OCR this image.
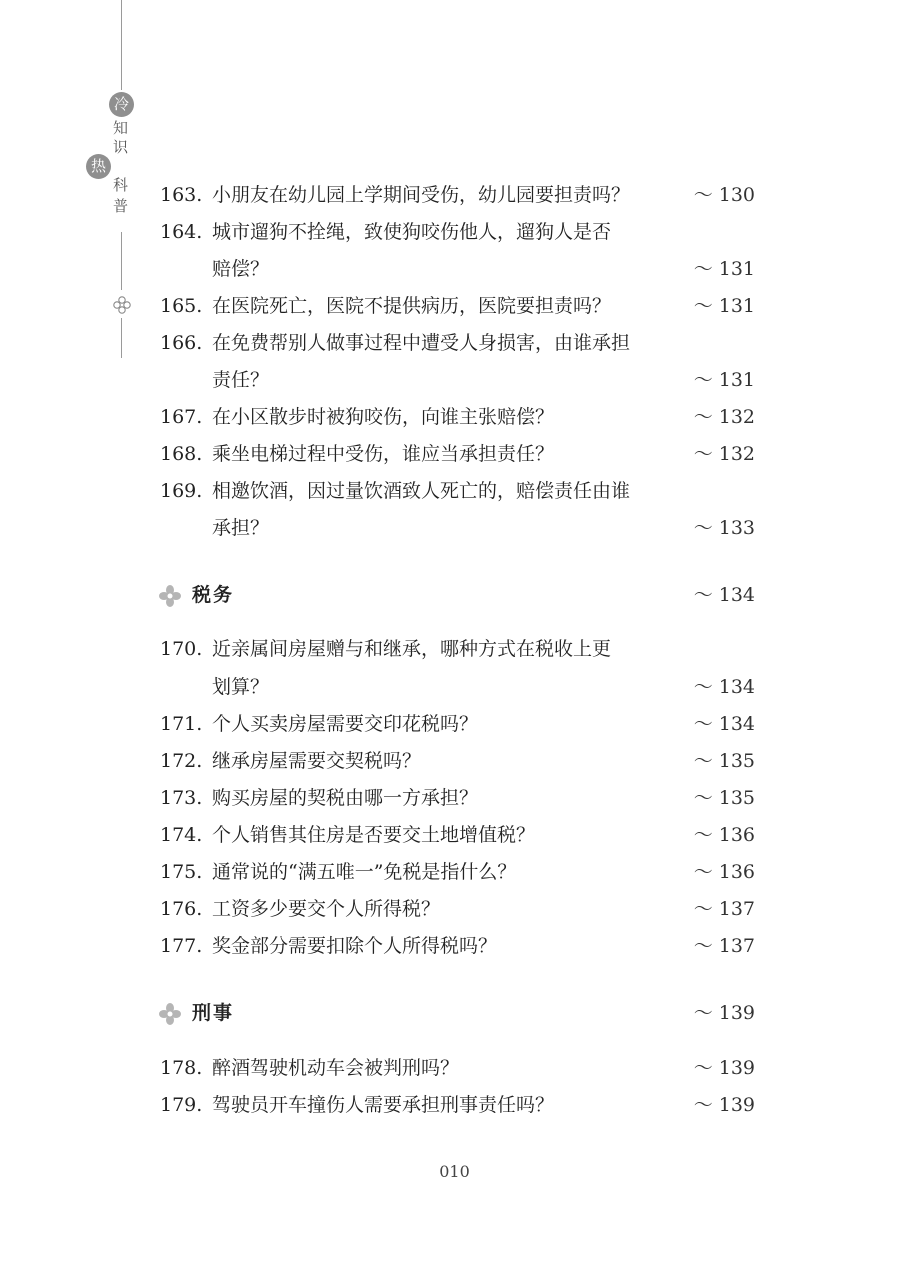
冷
知
识
热
科
普 163. 小朋友在幼儿园上学期间受伤，幼儿园要担责吗？	～ 130
164. 城市遛狗不拴绳，致使狗咬伤他人，遛狗人是否
赔偿？	～ 131
165. 在医院死亡，医院不提供病历，医院要担责吗？	～ 131
166. 在免费帮别人做事过程中遭受人身损害，由谁承担
责任？	～ 131
167. 在小区散步时被狗咬伤，向谁主张赔偿？	～ 132
168. 乘坐电梯过程中受伤，谁应当承担责任？	～ 132
169. 相邀饮酒，因过量饮酒致人死亡的，赔偿责任由谁
承担？	～ 133
税务	～ 134
170. 近亲属间房屋赠与和继承，哪种方式在税收上更
划算？	～ 134
171. 个人买卖房屋需要交印花税吗？	～ 134
172. 继承房屋需要交契税吗？	～ 135
173. 购买房屋的契税由哪一方承担？	～ 135
174. 个人销售其住房是否要交土地增值税？	～ 136
175. 通常说的“满五唯一”免税是指什么？	～ 136
176. 工资多少要交个人所得税？	～ 137
177. 奖金部分需要扣除个人所得税吗？	～ 137
刑事	～ 139
178. 醉酒驾驶机动车会被判刑吗？	～ 139
179. 驾驶员开车撞伤人需要承担刑事责任吗？	～ 139
010
